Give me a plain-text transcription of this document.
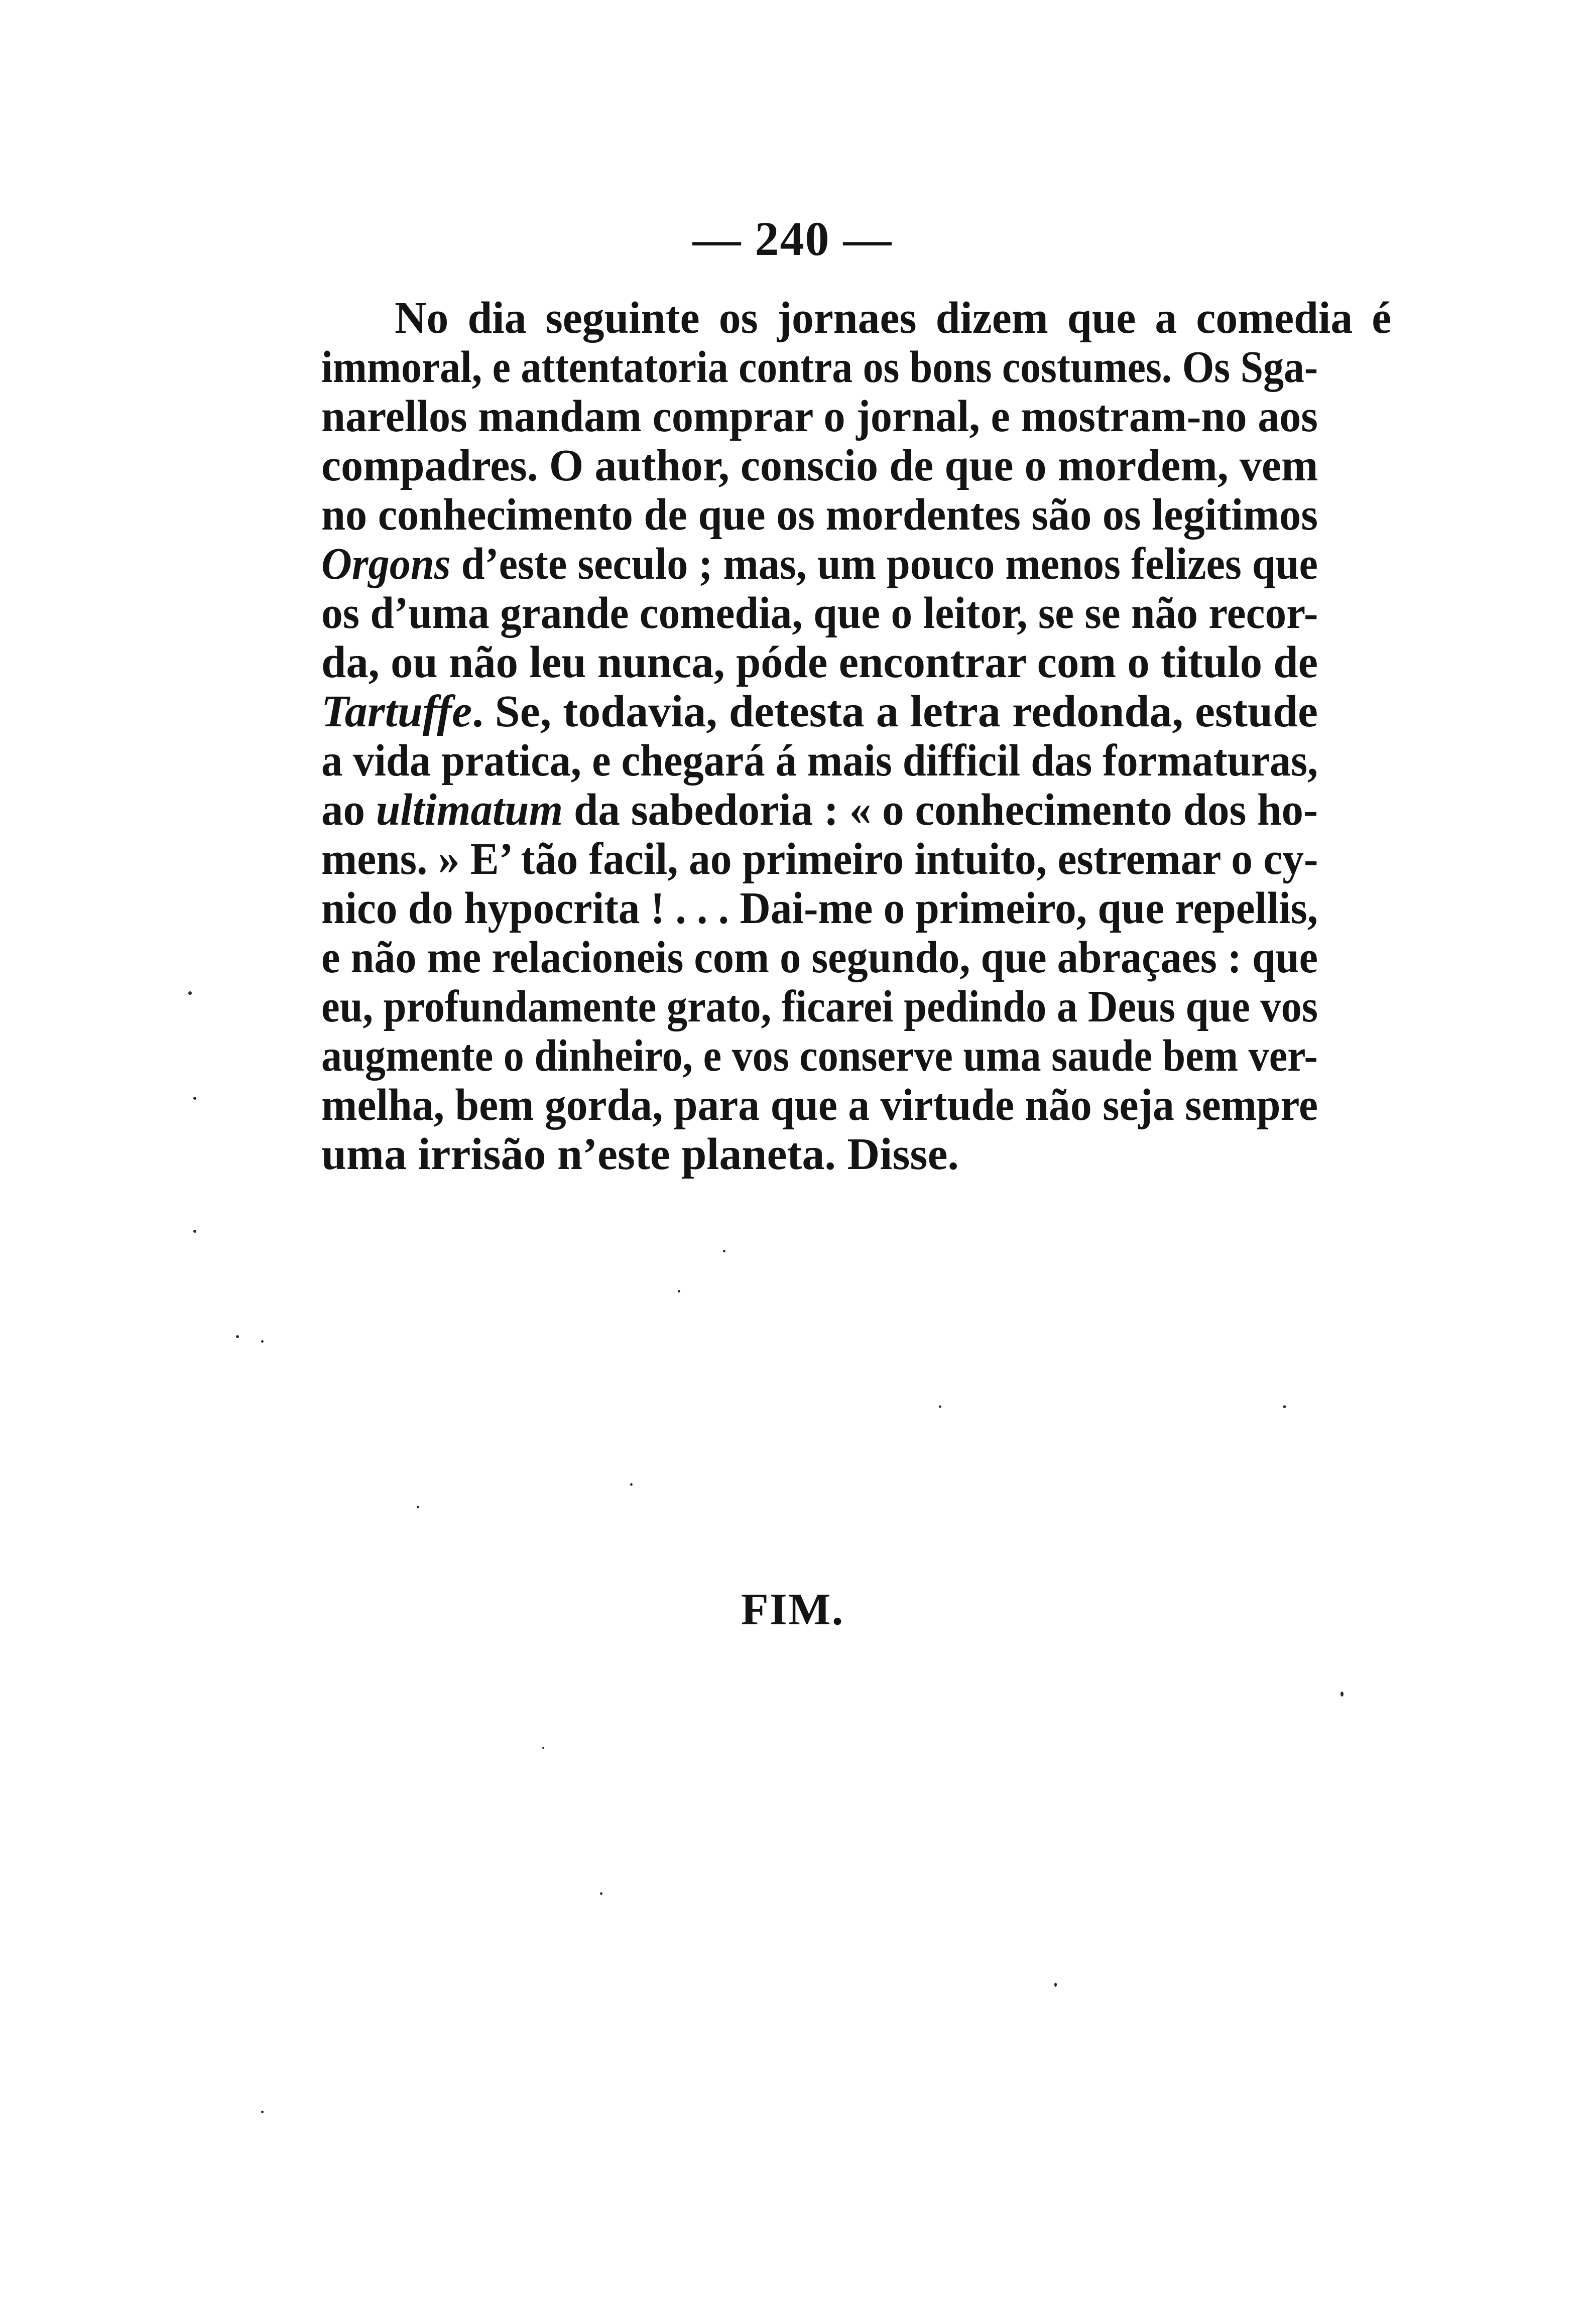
— 240 —
No dia seguinte os jornaes dizem que a comedia é
immoral, e attentatoria contra os bons costumes. Os Sga-
narellos mandam comprar o jornal, e mostram-no aos
compadres. O author, conscio de que o mordem, vem
no conhecimento de que os mordentes são os legitimos
Orgons d’este seculo ; mas, um pouco menos felizes que
os d’uma grande comedia, que o leitor, se se não recor-
da, ou não leu nunca, póde encontrar com o titulo de
Tartuffe. Se, todavia, detesta a letra redonda, estude
a vida pratica, e chegará á mais difficil das formaturas,
ao ultimatum da sabedoria : « o conhecimento dos ho-
mens. » E’ tão facil, ao primeiro intuito, estremar o cy-
nico do hypocrita ! . . . Dai-me o primeiro, que repellis,
e não me relacioneis com o segundo, que abraçaes : que
eu, profundamente grato, ficarei pedindo a Deus que vos
augmente o dinheiro, e vos conserve uma saude bem ver-
melha, bem gorda, para que a virtude não seja sempre
uma irrisão n’este planeta. Disse.
FIM.
